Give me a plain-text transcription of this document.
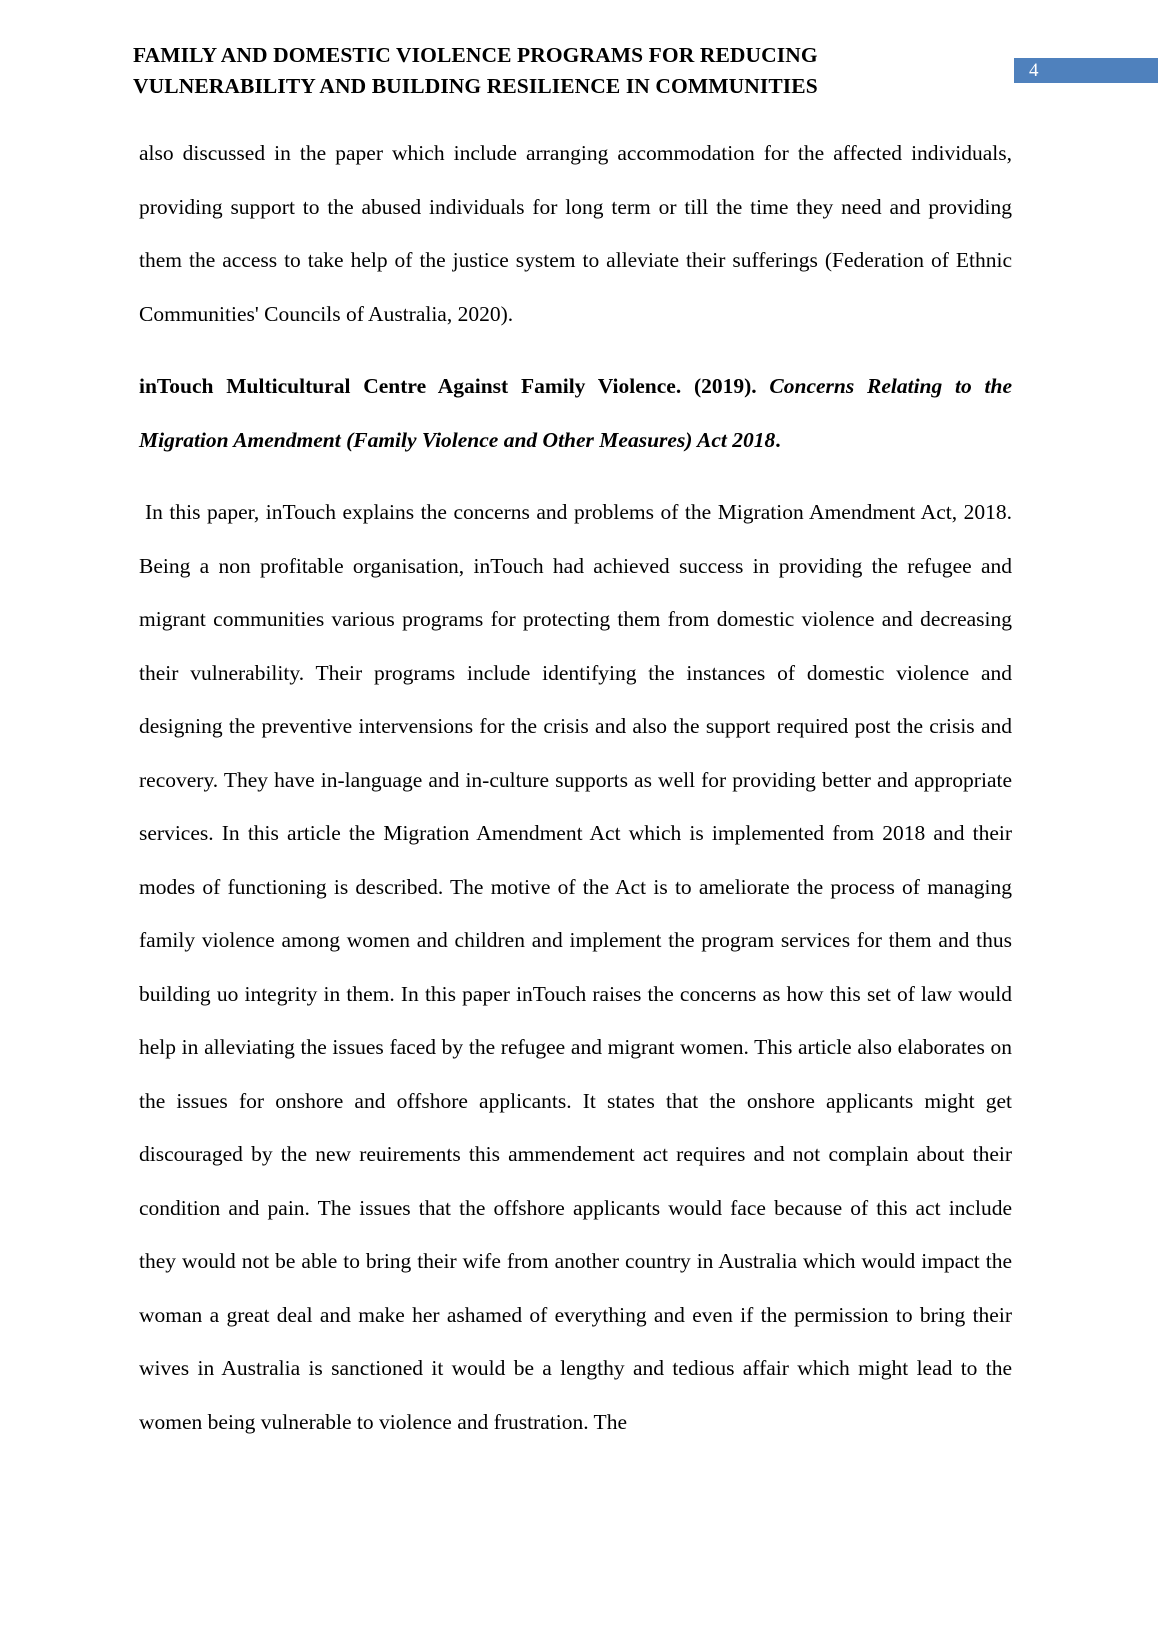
FAMILY AND DOMESTIC VIOLENCE PROGRAMS FOR REDUCING
VULNERABILITY AND BUILDING RESILIENCE IN COMMUNITIES
4

also discussed in the paper which include arranging accommodation for the affected individuals, providing support to the abused individuals for long term or till the time they need and providing them the access to take help of the justice system to alleviate their sufferings (Federation of Ethnic Communities' Councils of Australia, 2020).

inTouch Multicultural Centre Against Family Violence. (2019). Concerns Relating to the Migration Amendment (Family Violence and Other Measures) Act 2018.

In this paper, inTouch explains the concerns and problems of the Migration Amendment Act, 2018. Being a non profitable organisation, inTouch had achieved success in providing the refugee and migrant communities various programs for protecting them from domestic violence and decreasing their vulnerability. Their programs include identifying the instances of domestic violence and designing the preventive intervensions for the crisis and also the support required post the crisis and recovery. They have in-language and in-culture supports as well for providing better and appropriate services. In this article the Migration Amendment Act which is implemented from 2018 and their modes of functioning is described. The motive of the Act is to ameliorate the process of managing family violence among women and children and implement the program services for them and thus building uo integrity in them. In this paper inTouch raises the concerns as how this set of law would help in alleviating the issues faced by the refugee and migrant women. This article also elaborates on the issues for onshore and offshore applicants. It states that the onshore applicants might get discouraged by the new reuirements this ammendement act requires and not complain about their condition and pain. The issues that the offshore applicants would face because of this act include they would not be able to bring their wife from another country in Australia which would impact the woman a great deal and make her ashamed of everything and even if the permission to bring their wives in Australia is sanctioned it would be a lengthy and tedious affair which might lead to the women being vulnerable to violence and frustration. The
